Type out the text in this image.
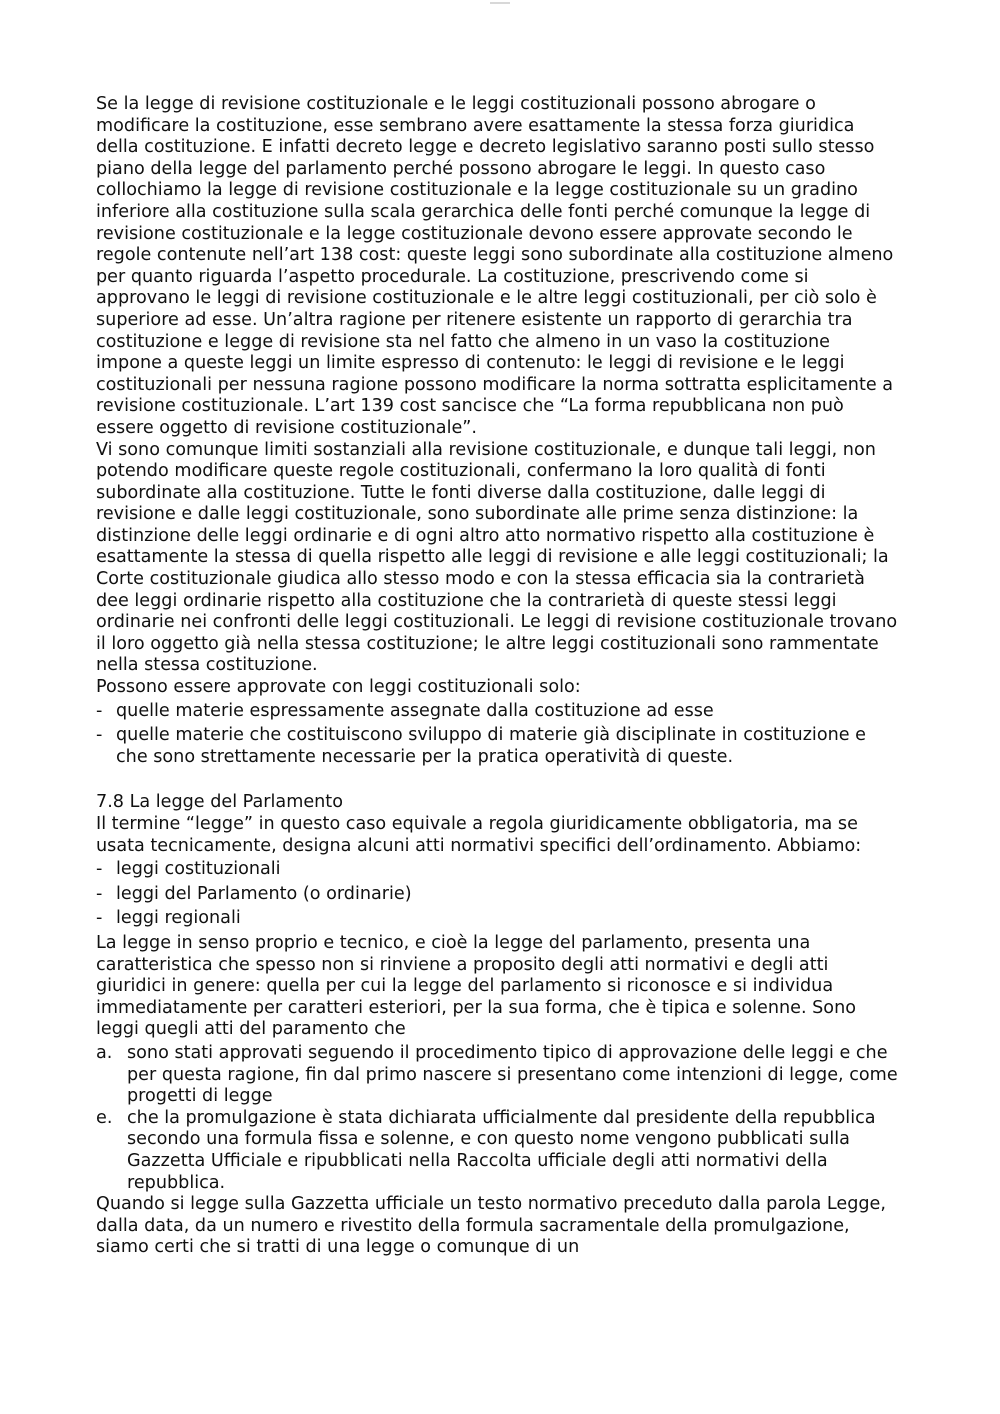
Se la legge di revisione costituzionale e le leggi costituzionali possono abrogare o modificare la costituzione, esse sembrano avere esattamente la stessa forza giuridica della costituzione. E infatti decreto legge e decreto legislativo saranno posti sullo stesso piano della legge del parlamento perché possono abrogare le leggi. In questo caso collochiamo la legge di revisione costituzionale e la legge costituzionale su un gradino inferiore alla costituzione sulla scala gerarchica delle fonti perché comunque la legge di revisione costituzionale e la legge costituzionale devono essere approvate secondo le regole contenute nell’art 138 cost: queste leggi sono subordinate alla costituzione almeno per quanto riguarda l’aspetto procedurale. La costituzione, prescrivendo come si approvano le leggi di revisione costituzionale e le altre leggi costituzionali, per ciò solo è superiore ad esse. Un’altra ragione per ritenere esistente un rapporto di gerarchia tra costituzione e legge di revisione sta nel fatto che almeno in un vaso la costituzione impone a queste leggi un limite espresso di contenuto: le leggi di revisione e le leggi costituzionali per nessuna ragione possono modificare la norma sottratta esplicitamente a revisione costituzionale. L’art 139 cost sancisce che “La forma repubblicana non può essere oggetto di revisione costituzionale”.

Vi sono comunque limiti sostanziali alla revisione costituzionale, e dunque tali leggi, non potendo modificare queste regole costituzionali, confermano la loro qualità di fonti subordinate alla costituzione. Tutte le fonti diverse dalla costituzione, dalle leggi di revisione e dalle leggi costituzionale, sono subordinate alle prime senza distinzione: la distinzione delle leggi ordinarie e di ogni altro atto normativo rispetto alla costituzione è esattamente la stessa di quella rispetto alle leggi di revisione e alle leggi costituzionali; la Corte costituzionale giudica allo stesso modo e con la stessa efficacia sia la contrarietà dee leggi ordinarie rispetto alla costituzione che la contrarietà di queste stessi leggi ordinarie nei confronti delle leggi costituzionali. Le leggi di revisione costituzionale trovano il loro oggetto già nella stessa costituzione; le altre leggi costituzionali sono rammentate nella stessa costituzione.

Possono essere approvate con leggi costituzionali solo:

- quelle materie espressamente assegnate dalla costituzione ad esse
- quelle materie che costituiscono sviluppo di materie già disciplinate in costituzione e che sono strettamente necessarie per la pratica operatività di queste.

7.8 La legge del Parlamento

Il termine “legge” in questo caso equivale a regola giuridicamente obbligatoria, ma se usata tecnicamente, designa alcuni atti normativi specifici dell’ordinamento. Abbiamo:

- leggi costituzionali
- leggi del Parlamento (o ordinarie)
- leggi regionali

La legge in senso proprio e tecnico, e cioè la legge del parlamento, presenta una caratteristica che spesso non si rinviene a proposito degli atti normativi e degli atti giuridici in genere: quella per cui la legge del parlamento si riconosce e si individua immediatamente per caratteri esteriori, per la sua forma, che è tipica e solenne. Sono leggi quegli atti del paramento che

a. sono stati approvati seguendo il procedimento tipico di approvazione delle leggi e che per questa ragione, fin dal primo nascere si presentano come intenzioni di legge, come progetti di legge
e. che la promulgazione è stata dichiarata ufficialmente dal presidente della repubblica secondo una formula fissa e solenne, e con questo nome vengono pubblicati sulla Gazzetta Ufficiale e ripubblicati nella Raccolta ufficiale degli atti normativi della repubblica.

Quando si legge sulla Gazzetta ufficiale un testo normativo preceduto dalla parola Legge, dalla data, da un numero e rivestito della formula sacramentale della promulgazione, siamo certi che si tratti di una legge o comunque di un
